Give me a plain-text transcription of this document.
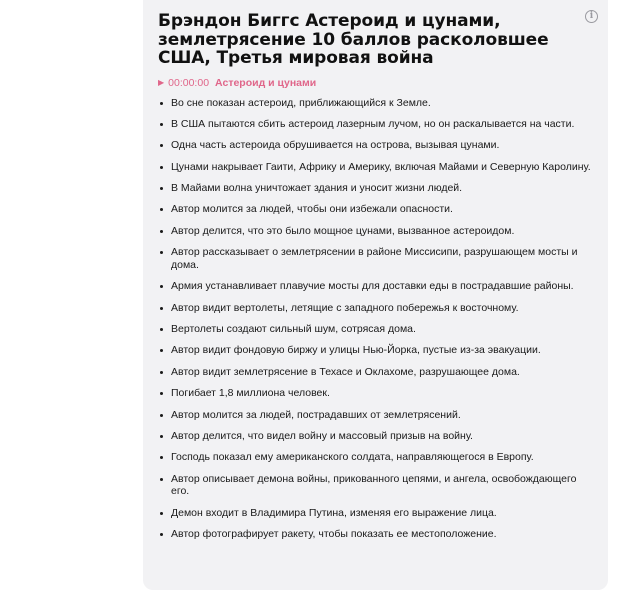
i
Брэндон Биггс Астероид и цунами, землетрясение 10 баллов расколовшее США, Третья мировая война
▶ 00:00:00 Астероид и цунами
Во сне показан астероид, приближающийся к Земле.
В США пытаются сбить астероид лазерным лучом, но он раскалывается на части.
Одна часть астероида обрушивается на острова, вызывая цунами.
Цунами накрывает Гаити, Африку и Америку, включая Майами и Северную Каролину.
В Майами волна уничтожает здания и уносит жизни людей.
Автор молится за людей, чтобы они избежали опасности.
Автор делится, что это было мощное цунами, вызванное астероидом.
Автор рассказывает о землетрясении в районе Миссисипи, разрушающем мосты и дома.
Армия устанавливает плавучие мосты для доставки еды в пострадавшие районы.
Автор видит вертолеты, летящие с западного побережья к восточному.
Вертолеты создают сильный шум, сотрясая дома.
Автор видит фондовую биржу и улицы Нью-Йорка, пустые из-за эвакуации.
Автор видит землетрясение в Техасе и Оклахоме, разрушающее дома.
Погибает 1,8 миллиона человек.
Автор молится за людей, пострадавших от землетрясений.
Автор делится, что видел войну и массовый призыв на войну.
Господь показал ему американского солдата, направляющегося в Европу.
Автор описывает демона войны, прикованного цепями, и ангела, освобождающего его.
Демон входит в Владимира Путина, изменяя его выражение лица.
Автор фотографирует ракету, чтобы показать ее местоположение.
